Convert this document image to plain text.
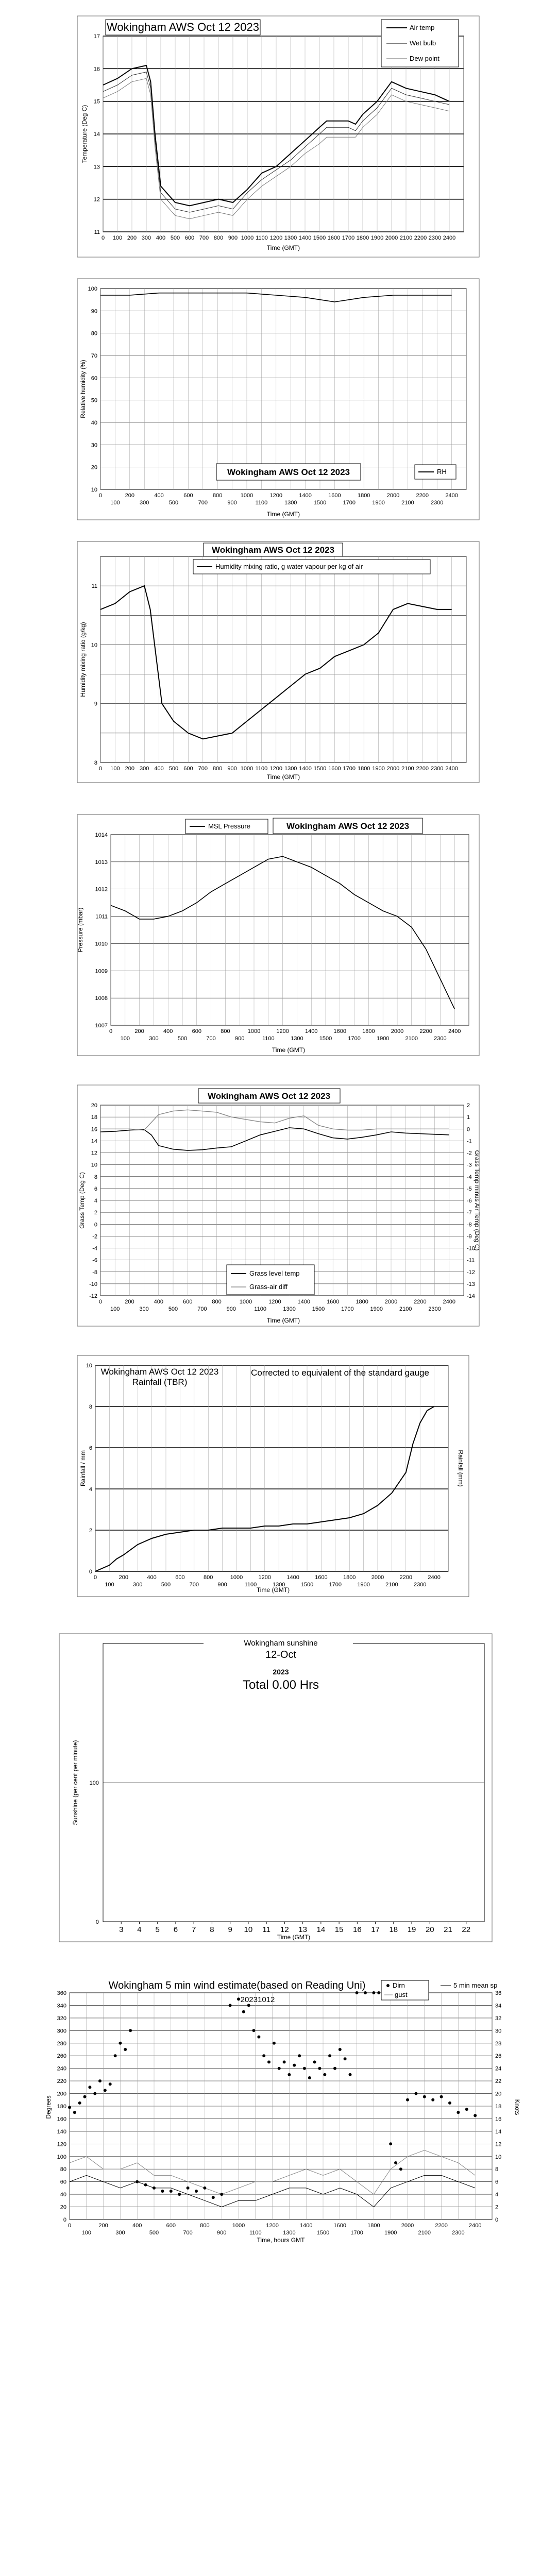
11
12
13
14
15
16
17
0 100 200 300 400 500 600 700 800 900 1000 1100 1200 1300 1400 1500 1600 1700 1800 1900 2000 2100 2200 2300 2400
Wokingham AWS Oct 12 2023	Air temp
Wet bulb
Dew point
Time (GMT)
Temperature (Deg C)
10
20
30
40
50
60
70
80
90
100
0	200	400	600	800	1000	1200	1400	1600	1800	2000	2200	2400
100	300	500	700	900	1100	1300	1500	1700	1900	2100	2300
Wokingham AWS Oct 12 2023	RH
Time (GMT)
Relative humidity (%)
8
9
10
11
0 100 200 300 400 500 600 700 800 900 1000 1100 1200 1300 1400 1500 1600 1700 1800 1900 2000 2100 2200 2300 2400
Wokingham AWS Oct 12 2023
Humidity mixing ratio, g water vapour per kg of air
Time (GMT)
Humidity mixing ratio (g/kg)
1007
1008
1009
1010
1011
1012
1013
1014
0	200	400	600	800	1000	1200	1400	1600	1800	2000	2200	2400
100	300	500	700	900	1100	1300	1500	1700	1900	2100	2300
MSL Pressure	Wokingham AWS Oct 12 2023
Time (GMT)
Pressure (mbar)
-12
-10
-8
-6
-4
-2
0
2
4
6
8
10
12
14
16
18
20
-14
-13
-12
-11
-10
-9
-8
-7
-6
-5
-4
-3
-2
-1
0
1
2
0	200	400	600	800	1000	1200	1400	1600	1800	2000	2200	2400
100	300	500	700	900	1100	1300	1500	1700	1900	2100	2300
Wokingham AWS Oct 12 2023
Grass level temp
Grass-air diff
Time (GMT)
Grass Temp (Deg C)	Grass Temp minus Air Temp (Deg C)
0
2
4
6
8
10
0	200	400	600	800	1000	1200	1400	1600	1800	2000	2200	2400
100	300	500	700	900	1100	1300	1500	1700	1900	2100	2300
Wokingham AWS Oct 12 2023
Rainfall (TBR)
Corrected to equivalent of the standard gauge
Time (GMT)
Rainfall / mm	Rainfall (mm)
0
100
3 4 5 6 7 8 9 10 11 12 13 14 15 16 17 18 19 20 21 22
Wokingham sunshine
12-Oct
2023
Total 0.00 Hrs
Time (GMT)
Sunshine (per cent per minute)
0
20
40
60
80
100
120
140
160
180
200
220
240
260
280
300
320
340
360
0
2
4
6
8
10
12
14
16
18
20
22
24
26
28
30
32
34
36
0	200	400	600	800	1000	1200	1400	1600	1800	2000	2200	2400
100	300	500	700	900	1100	1300	1500	1700	1900	2100	2300
Wokingham 5 min wind estimate(based on Reading Uni)
20231012
Dirn
gust
5 min mean sp
Time, hours GMT
Degrees	Knots
